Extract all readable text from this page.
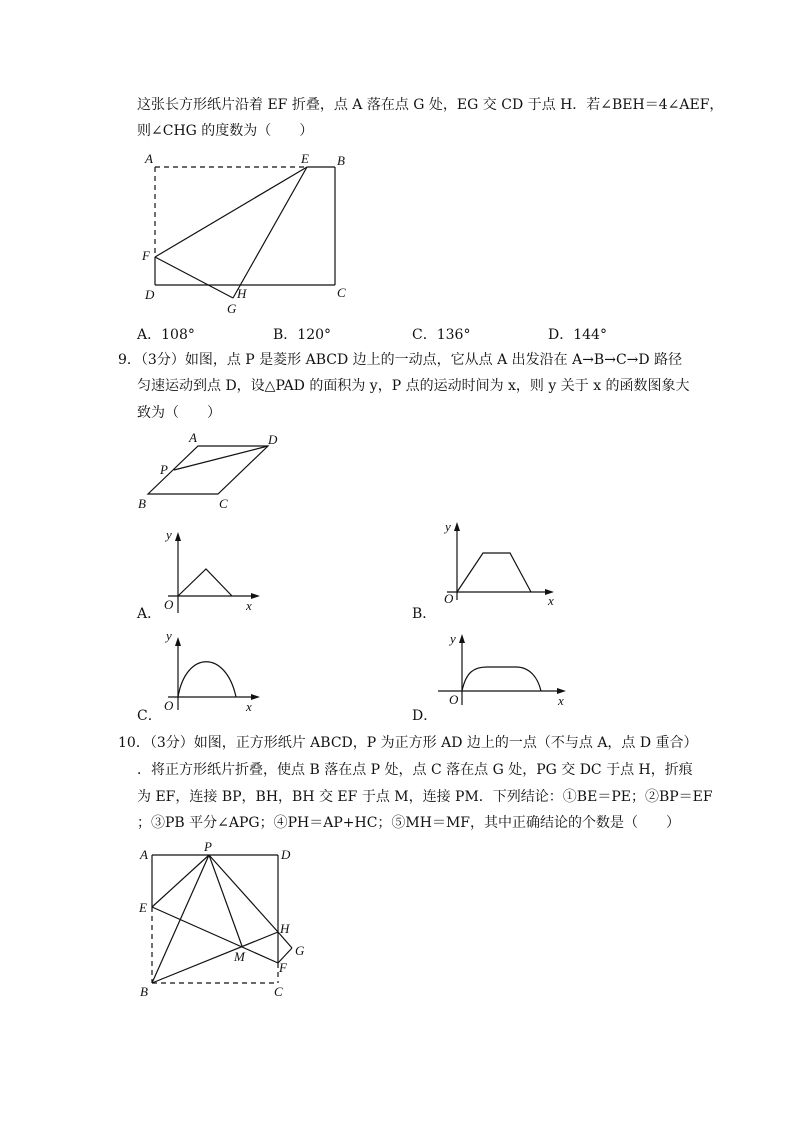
这张长方形纸片沿着 EF 折叠，点 A 落在点 G 处，EG 交 CD 于点 H．若∠BEH＝4∠AEF，
则∠CHG 的度数为（　　）
A	E B
F
D	H	C
G
A．108°	B．120°	C．136°	D．144°
9．（3分）如图，点 P 是菱形 ABCD 边上的一动点，它从点 A 出发沿在 A→B→C→D 路径
匀速运动到点 D，设△PAD 的面积为 y，P 点的运动时间为 x，则 y 关于 x 的函数图象大
致为（　　）
A	D
P
B	C
A．
y
x
O
B．
y
x
O
C．
y
x
O
D．
y
x
O
10．（3分）如图，正方形纸片 ABCD，P 为正方形 AD 边上的一点（不与点 A，点 D 重合）
．将正方形纸片折叠，使点 B 落在点 P 处，点 C 落在点 G 处，PG 交 DC 于点 H，折痕
为 EF，连接 BP，BH，BH 交 EF 于点 M，连接 PM．下列结论：①BE＝PE；②BP＝EF
；③PB 平分∠APG；④PH＝AP+HC；⑤MH＝MF，其中正确结论的个数是（　　）
A
P
D
E
H
G
M
F
B	C
